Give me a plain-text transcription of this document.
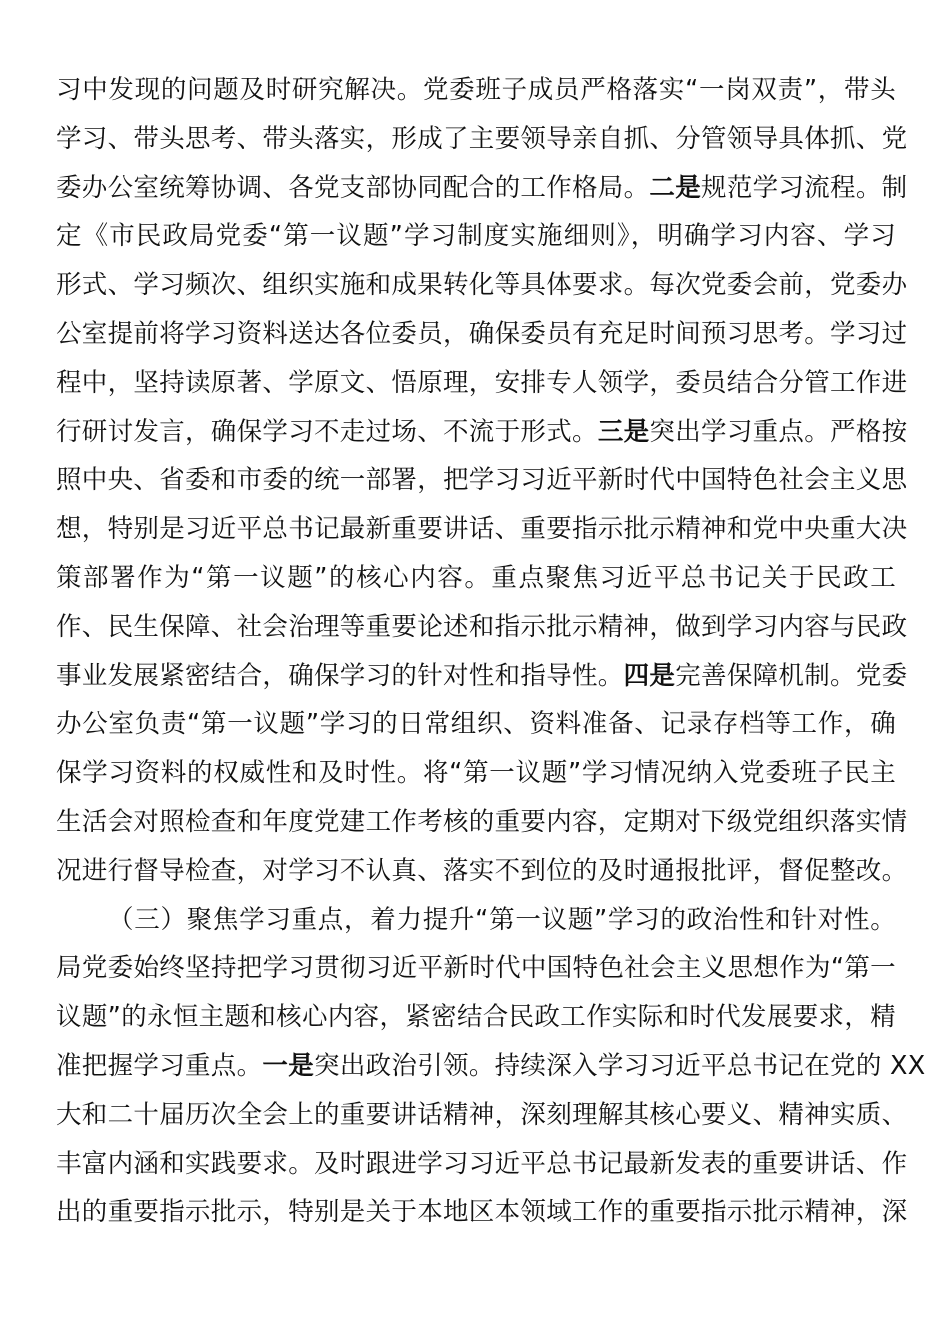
习中发现的问题及时研究解决。党委班子成员严格落实“一岗双责”，带头
学习、带头思考、带头落实，形成了主要领导亲自抓、分管领导具体抓、党
委办公室统筹协调、各党支部协同配合的工作格局。二是规范学习流程。制
定《市民政局党委“第一议题”学习制度实施细则》，明确学习内容、学习
形式、学习频次、组织实施和成果转化等具体要求。每次党委会前，党委办
公室提前将学习资料送达各位委员，确保委员有充足时间预习思考。学习过
程中，坚持读原著、学原文、悟原理，安排专人领学，委员结合分管工作进
行研讨发言，确保学习不走过场、不流于形式。三是突出学习重点。严格按
照中央、省委和市委的统一部署，把学习习近平新时代中国特色社会主义思
想，特别是习近平总书记最新重要讲话、重要指示批示精神和党中央重大决
策部署作为“第一议题”的核心内容。重点聚焦习近平总书记关于民政工
作、民生保障、社会治理等重要论述和指示批示精神，做到学习内容与民政
事业发展紧密结合，确保学习的针对性和指导性。四是完善保障机制。党委
办公室负责“第一议题”学习的日常组织、资料准备、记录存档等工作，确
保学习资料的权威性和及时性。将“第一议题”学习情况纳入党委班子民主
生活会对照检查和年度党建工作考核的重要内容，定期对下级党组织落实情
况进行督导检查，对学习不认真、落实不到位的及时通报批评，督促整改。
（三）聚焦学习重点，着力提升“第一议题”学习的政治性和针对性。
局党委始终坚持把学习贯彻习近平新时代中国特色社会主义思想作为“第一
议题”的永恒主题和核心内容，紧密结合民政工作实际和时代发展要求，精
准把握学习重点。一是突出政治引领。持续深入学习习近平总书记在党的 XX
大和二十届历次全会上的重要讲话精神，深刻理解其核心要义、精神实质、
丰富内涵和实践要求。及时跟进学习习近平总书记最新发表的重要讲话、作
出的重要指示批示，特别是关于本地区本领域工作的重要指示批示精神，深
